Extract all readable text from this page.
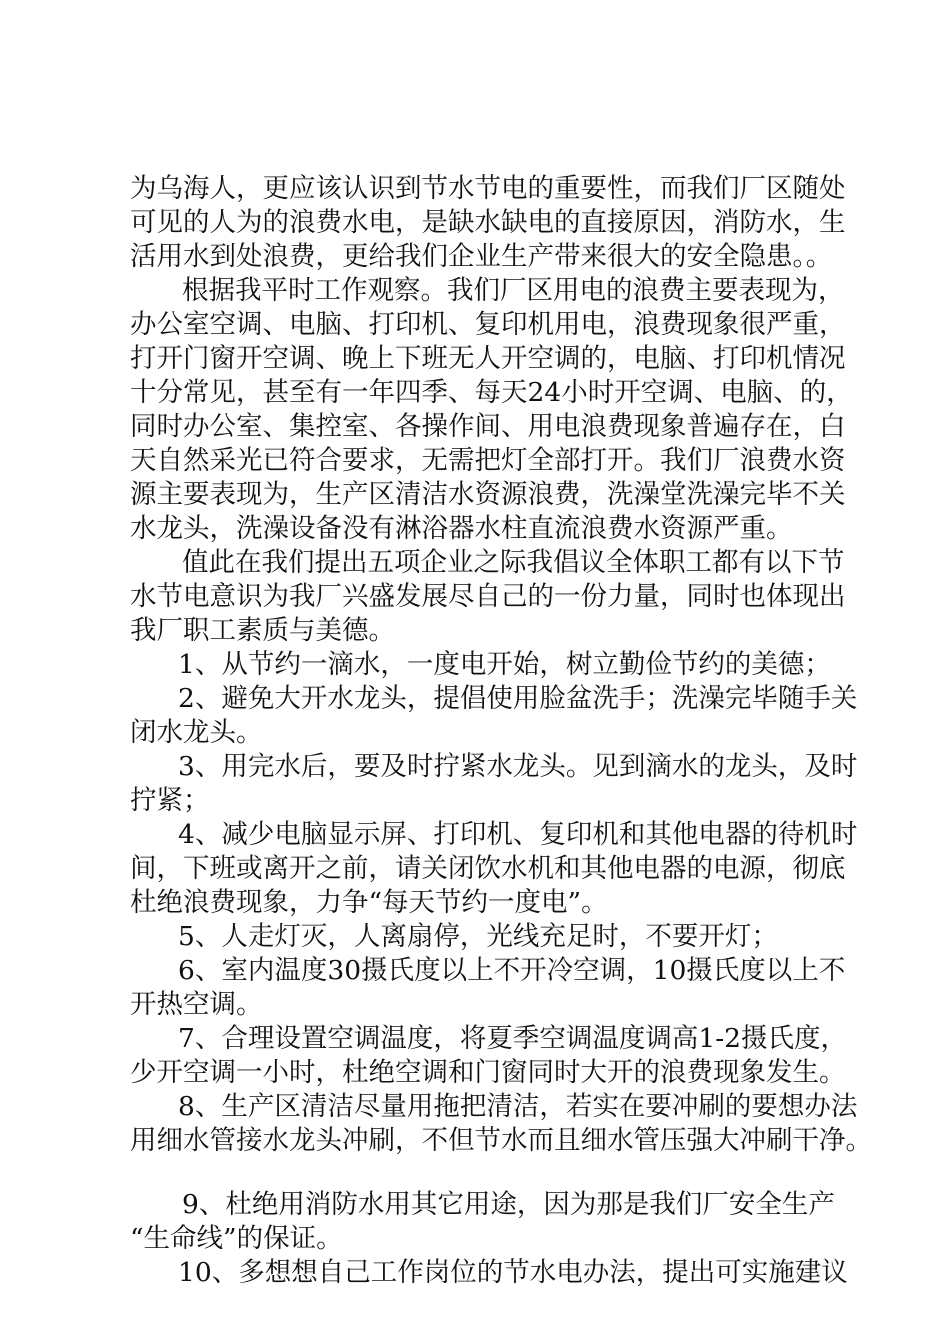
为乌海人，更应该认识到节水节电的重要性，而我们厂区随处
可见的人为的浪费水电，是缺水缺电的直接原因，消防水，生
活用水到处浪费，更给我们企业生产带来很大的安全隐患。。
根据我平时工作观察。我们厂区用电的浪费主要表现为，
办公室空调、电脑、打印机、复印机用电，浪费现象很严重，
打开门窗开空调、晚上下班无人开空调的，电脑、打印机情况
十分常见，甚至有一年四季、每天24小时开空调、电脑、的，
同时办公室、集控室、各操作间、用电浪费现象普遍存在，白
天自然采光已符合要求，无需把灯全部打开。我们厂浪费水资
源主要表现为，生产区清洁水资源浪费，洗澡堂洗澡完毕不关
水龙头，洗澡设备没有淋浴器水柱直流浪费水资源严重。
值此在我们提出五项企业之际我倡议全体职工都有以下节
水节电意识为我厂兴盛发展尽自己的一份力量，同时也体现出
我厂职工素质与美德。
1、从节约一滴水，一度电开始，树立勤俭节约的美德；
2、避免大开水龙头，提倡使用脸盆洗手；洗澡完毕随手关
闭水龙头。
3、用完水后，要及时拧紧水龙头。见到滴水的龙头，及时
拧紧；
4、减少电脑显示屏、打印机、复印机和其他电器的待机时
间，下班或离开之前，请关闭饮水机和其他电器的电源，彻底
杜绝浪费现象，力争“每天节约一度电”。
5、人走灯灭，人离扇停，光线充足时，不要开灯；
6、室内温度30摄氏度以上不开冷空调，10摄氏度以上不
开热空调。
7、合理设置空调温度，将夏季空调温度调高1-2摄氏度，
少开空调一小时，杜绝空调和门窗同时大开的浪费现象发生。
8、生产区清洁尽量用拖把清洁，若实在要冲刷的要想办法
用细水管接水龙头冲刷，不但节水而且细水管压强大冲刷干净。
9、杜绝用消防水用其它用途，因为那是我们厂安全生产
“生命线”的保证。
10、多想想自己工作岗位的节水电办法，提出可实施建议
